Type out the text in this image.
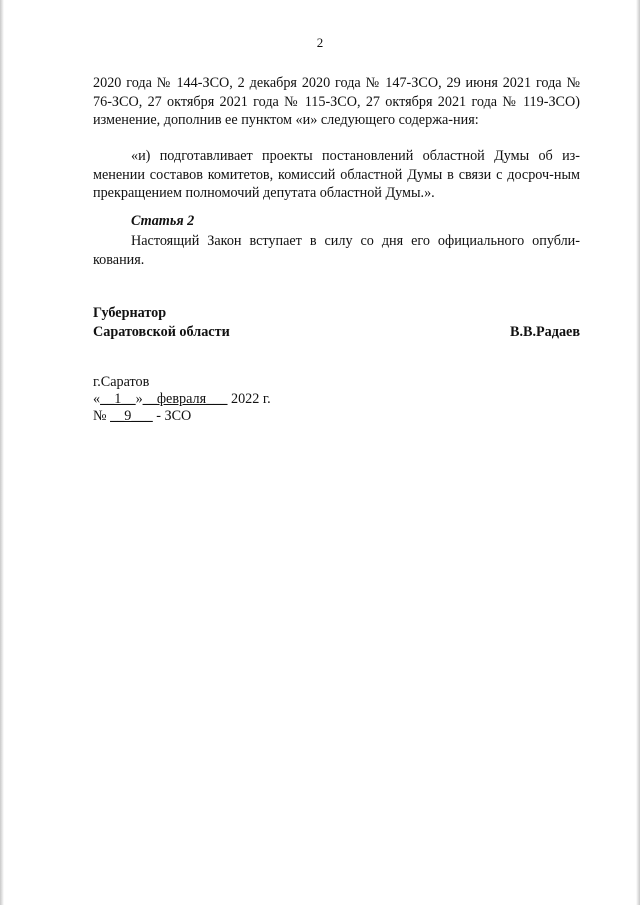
2
2020 года № 144-ЗСО, 2 декабря 2020 года № 147-ЗСО, 29 июня 2021 года № 76-ЗСО, 27 октября 2021 года № 115-ЗСО, 27 октября 2021 года № 119-ЗСО) изменение, дополнив ее пунктом «и» следующего содержа-ния:
«и) подготавливает проекты постановлений областной Думы об из-менении составов комитетов, комиссий областной Думы в связи с досроч-ным прекращением полномочий депутата областной Думы.».
Статья 2
Настоящий Закон вступает в силу со дня его официального опубли-кования.
Губернатор
Саратовской области	В.В.Радаев
г.Саратов
«__1__»__февраля___ 2022 г.
№ __9___ - ЗСО
